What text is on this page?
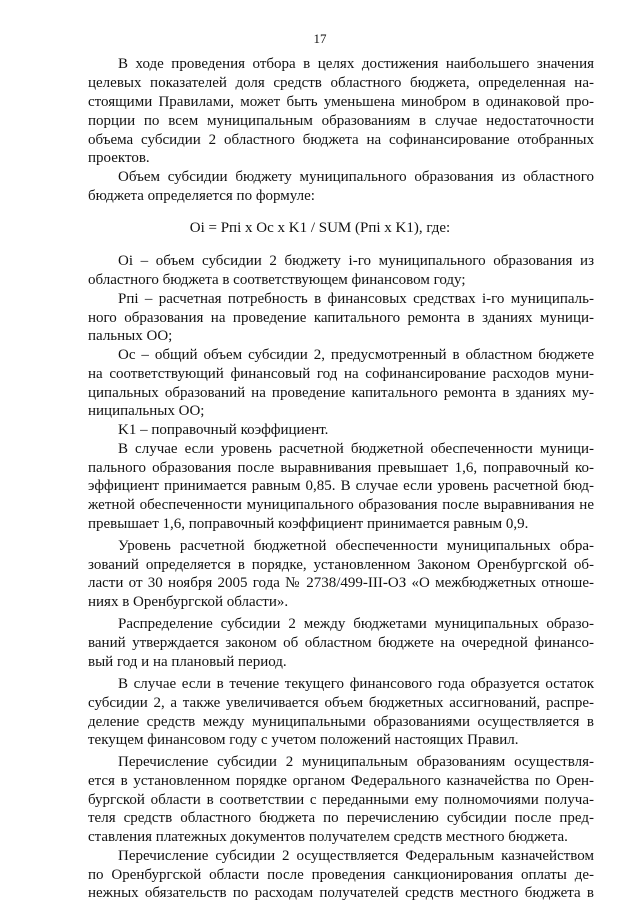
17
В ходе проведения отбора в целях достижения наибольшего значения
целевых показателей доля средств областного бюджета, определенная на-
стоящими Правилами, может быть уменьшена минобром в одинаковой про-
порции по всем муниципальным образованиям в случае недостаточности
объема субсидии 2 областного бюджета на софинансирование отобранных
проектов.
Объем субсидии бюджету муниципального образования из областного
бюджета определяется по формуле:
Oi = Pпi x Oc x K1 / SUM (Pпi x K1), где:
Oi – объем субсидии 2 бюджету i-го муниципального образования из
областного бюджета в соответствующем финансовом году;
Pпi – расчетная потребность в финансовых средствах i-го муниципаль-
ного образования на проведение капитального ремонта в зданиях муници-
пальных ОО;
Oc – общий объем субсидии 2, предусмотренный в областном бюджете
на соответствующий финансовый год на софинансирование расходов муни-
ципальных образований на проведение капитального ремонта в зданиях му-
ниципальных ОО;
K1 – поправочный коэффициент.
В случае если уровень расчетной бюджетной обеспеченности муници-
пального образования после выравнивания превышает 1,6, поправочный ко-
эффициент принимается равным 0,85. В случае если уровень расчетной бюд-
жетной обеспеченности муниципального образования после выравнивания не
превышает 1,6, поправочный коэффициент принимается равным 0,9.
Уровень расчетной бюджетной обеспеченности муниципальных обра-
зований определяется в порядке, установленном Законом Оренбургской об-
ласти от 30 ноября 2005 года № 2738/499-III-ОЗ «О межбюджетных отноше-
ниях в Оренбургской области».
Распределение субсидии 2 между бюджетами муниципальных образо-
ваний утверждается законом об областном бюджете на очередной финансо-
вый год и на плановый период.
В случае если в течение текущего финансового года образуется остаток
субсидии 2, а также увеличивается объем бюджетных ассигнований, распре-
деление средств между муниципальными образованиями осуществляется в
текущем финансовом году с учетом положений настоящих Правил.
Перечисление субсидии 2 муниципальным образованиям осуществля-
ется в установленном порядке органом Федерального казначейства по Орен-
бургской области в соответствии с переданными ему полномочиями получа-
теля средств областного бюджета по перечислению субсидии после пред-
ставления платежных документов получателем средств местного бюджета.
Перечисление субсидии 2 осуществляется Федеральным казначейством
по Оренбургской области после проведения санкционирования оплаты де-
нежных обязательств по расходам получателей средств местного бюджета в
